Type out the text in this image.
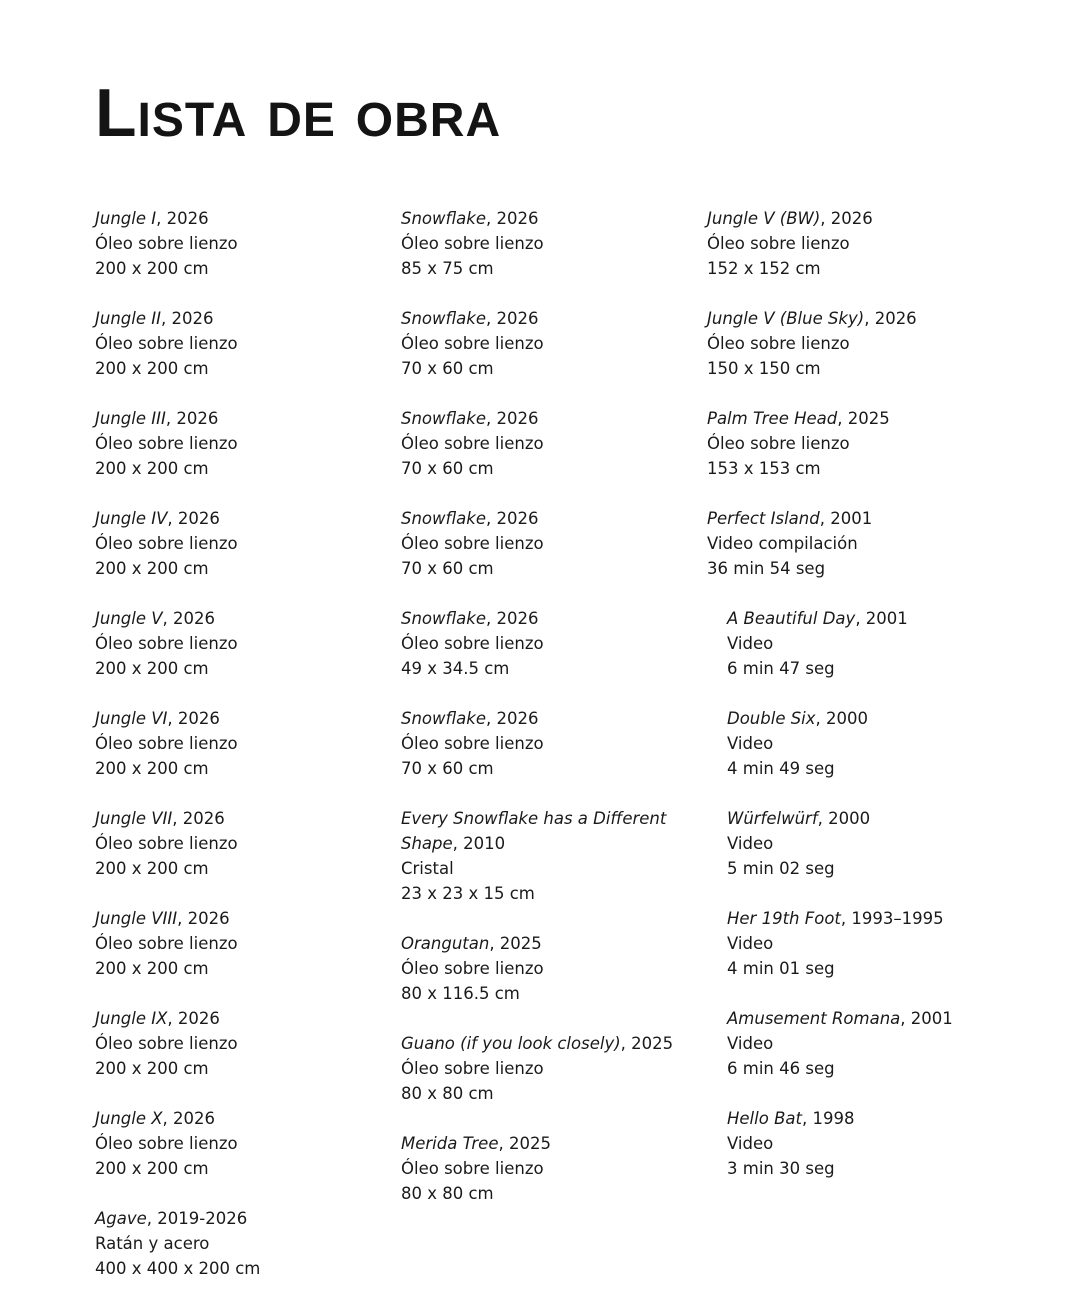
Lista de obra
Jungle I, 2026
Óleo sobre lienzo
200 x 200 cm
Jungle II, 2026
Óleo sobre lienzo
200 x 200 cm
Jungle III, 2026
Óleo sobre lienzo
200 x 200 cm
Jungle IV, 2026
Óleo sobre lienzo
200 x 200 cm
Jungle V, 2026
Óleo sobre lienzo
200 x 200 cm
Jungle VI, 2026
Óleo sobre lienzo
200 x 200 cm
Jungle VII, 2026
Óleo sobre lienzo
200 x 200 cm
Jungle VIII, 2026
Óleo sobre lienzo
200 x 200 cm
Jungle IX, 2026
Óleo sobre lienzo
200 x 200 cm
Jungle X, 2026
Óleo sobre lienzo
200 x 200 cm
Agave, 2019-2026
Ratán y acero
400 x 400 x 200 cm
Snowflake, 2026
Óleo sobre lienzo
85 x 75 cm
Snowflake, 2026
Óleo sobre lienzo
70 x 60 cm
Snowflake, 2026
Óleo sobre lienzo
70 x 60 cm
Snowflake, 2026
Óleo sobre lienzo
70 x 60 cm
Snowflake, 2026
Óleo sobre lienzo
49 x 34.5 cm
Snowflake, 2026
Óleo sobre lienzo
70 x 60 cm
Every Snowflake has a Different Shape, 2010
Cristal
23 x 23 x 15 cm
Orangutan, 2025
Óleo sobre lienzo
80 x 116.5 cm
Guano (if you look closely), 2025
Óleo sobre lienzo
80 x 80 cm
Merida Tree, 2025
Óleo sobre lienzo
80 x 80 cm
Jungle V (BW), 2026
Óleo sobre lienzo
152 x 152 cm
Jungle V (Blue Sky), 2026
Óleo sobre lienzo
150 x 150 cm
Palm Tree Head, 2025
Óleo sobre lienzo
153 x 153 cm
Perfect Island, 2001
Video compilación
36 min 54 seg
A Beautiful Day, 2001
Video
6 min 47 seg
Double Six, 2000
Video
4 min 49 seg
Würfelwürf, 2000
Video
5 min 02 seg
Her 19th Foot, 1993–1995
Video
4 min 01 seg
Amusement Romana, 2001
Video
6 min 46 seg
Hello Bat, 1998
Video
3 min 30 seg
